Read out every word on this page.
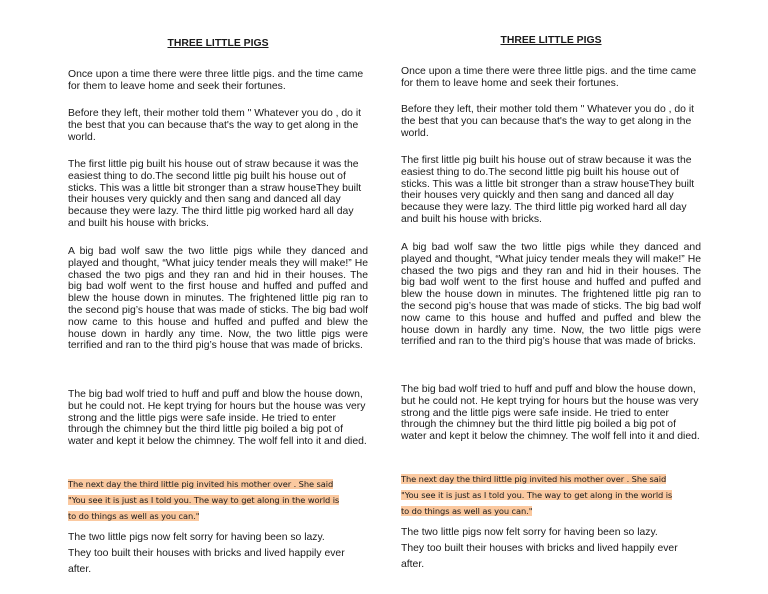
THREE LITTLE PIGS

Once upon a time there were three little pigs. and the time came for them to leave home and seek their fortunes.

Before they left, their mother told them " Whatever you do , do it the best that you can because that's the way to get along in the world.

The first little pig built his house out of straw because it was the easiest thing to do.The second little pig built his house out of sticks. This was a little bit stronger than a straw houseThey built their houses very quickly and then sang and danced all day because they were lazy. The third little pig worked hard all day and built his house with bricks.

A big bad wolf saw the two little pigs while they danced and played and thought, “What juicy tender meals they will make!” He chased the two pigs and they ran and hid in their houses. The big bad wolf went to the first house and huffed and puffed and blew the house down in minutes. The frightened little pig ran to the second pig’s house that was made of sticks. The big bad wolf now came to this house and huffed and puffed and blew the house down in hardly any time. Now, the two little pigs were terrified and ran to the third pig’s house that was made of bricks.

The big bad wolf tried to huff and puff and blow the house down, but he could not. He kept trying for hours but the house was very strong and the little pigs were safe inside. He tried to enter through the chimney but the third little pig boiled a big pot of water and kept it below the chimney. The wolf fell into it and died.

The next day the third little pig invited his mother over . She said
"You see it is just as I told you. The way to get along in the world is
to do things as well as you can."
The two little pigs now felt sorry for having been so lazy.
They too built their houses with bricks and lived happily ever after.
THREE LITTLE PIGS

Once upon a time there were three little pigs. and the time came for them to leave home and seek their fortunes.

Before they left, their mother told them " Whatever you do , do it the best that you can because that's the way to get along in the world.

The first little pig built his house out of straw because it was the easiest thing to do.The second little pig built his house out of sticks. This was a little bit stronger than a straw houseThey built their houses very quickly and then sang and danced all day because they were lazy. The third little pig worked hard all day and built his house with bricks.

A big bad wolf saw the two little pigs while they danced and played and thought, “What juicy tender meals they will make!” He chased the two pigs and they ran and hid in their houses. The big bad wolf went to the first house and huffed and puffed and blew the house down in minutes. The frightened little pig ran to the second pig’s house that was made of sticks. The big bad wolf now came to this house and huffed and puffed and blew the house down in hardly any time. Now, the two little pigs were terrified and ran to the third pig’s house that was made of bricks.

The big bad wolf tried to huff and puff and blow the house down, but he could not. He kept trying for hours but the house was very strong and the little pigs were safe inside. He tried to enter through the chimney but the third little pig boiled a big pot of water and kept it below the chimney. The wolf fell into it and died.

The next day the third little pig invited his mother over . She said
"You see it is just as I told you. The way to get along in the world is
to do things as well as you can."
The two little pigs now felt sorry for having been so lazy.
They too built their houses with bricks and lived happily ever after.
